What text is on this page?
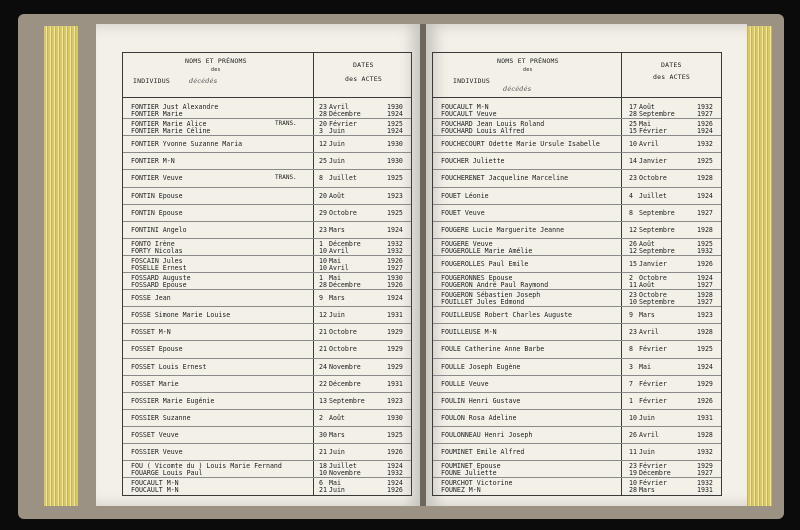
NOMS ET PRÉNOMS
des
INDIVIDUS	décédés
DATES
des ACTES
FONTIER Just Alexandre	23 Avril	1930
FONTIER Marie	28 Décembre	1924
FONTIER Marie Alice	TRANS.	20 Février	1925
FONTIER Marie Céline	3 Juin	1924
FONTIER Yvonne Suzanne Maria	12 Juin	1930
FONTIER M-N	25 Juin	1930
FONTIER Veuve	TRANS.	8 Juillet	1925
FONTIN Epouse	20 Août	1923
FONTIN Epouse	29 Octobre	1925
FONTINI Angelo	23 Mars	1924
FONTO Irène	1 Décembre	1932
FORTY Nicolas	10 Avril	1932
FOSCAIN Jules	10 Mai	1926
FOSELLE Ernest	10 Avril	1927
FOSSARD Auguste	1 Mai	1930
FOSSARD Epouse	28 Décembre	1926
FOSSE Jean	9 Mars	1924
FOSSE Simone Marie Louise	12 Juin	1931
FOSSET M-N	21 Octobre	1929
FOSSET Epouse	21 Octobre	1929
FOSSET Louis Ernest	24 Novembre	1929
FOSSET Marie	22 Décembre	1931
FOSSIER Marie Eugénie	13 Septembre	1923
FOSSIER Suzanne	2 Août	1930
FOSSET Veuve	30 Mars	1925
FOSSIER Veuve	21 Juin	1926
FOU ( Vicomte du ) Louis Marie Fernand	18 Juillet	1924
FOUARGE Louis Paul	10 Novembre	1932
FOUCAULT M-N	6 Mai	1924
FOUCAULT M-N	21 Juin	1926
NOMS ET PRÉNOMS
des
INDIVIDUS
décédés
DATES
des ACTES
FOUCAULT M-N	17 Août	1932
FOUCAULT Veuve	28 Septembre	1927
FOUCHARD Jean Louis Roland	25 Mai	1926
FOUCHARD Louis Alfred	15 Février	1924
FOUCHECOURT Odette Marie Ursule Isabelle	10 Avril	1932
FOUCHER Juliette	14 Janvier	1925
FOUCHERENET Jacqueline Marceline	23 Octobre	1928
FOUET Léonie	4 Juillet	1924
FOUET Veuve	8 Septembre	1927
FOUGERE Lucie Marguerite Jeanne	12 Septembre	1928
FOUGERE Veuve	26 Août	1925
FOUGEROLLE Marie Amélie	12 Septembre	1932
FOUGEROLLES Paul Emile	15 Janvier	1926
FOUGERONNES Epouse	2 Octobre	1924
FOUGERON André Paul Raymond	11 Août	1927
FOUGERON Sébastien Joseph	23 Octobre	1928
FOUILLET Jules Edmond	10 Septembre	1927
FOUILLEUSE Robert Charles Auguste	9 Mars	1923
FOUILLEUSE M-N	23 Avril	1928
FOULE Catherine Anne Barbe	8 Février	1925
FOULLE Joseph Eugène	3 Mai	1924
FOULLE Veuve	7 Février	1929
FOULIN Henri Gustave	1 Février	1926
FOULON Rosa Adeline	10 Juin	1931
FOULONNEAU Henri Joseph	26 Avril	1928
FOUMINET Emile Alfred	11 Juin	1932
FOUMINET Epouse	23 Février	1929
FOUNE Juliette	19 Décembre	1927
FOURCHOT Victorine	10 Février	1932
FOUNEZ M-N	28 Mars	1931
